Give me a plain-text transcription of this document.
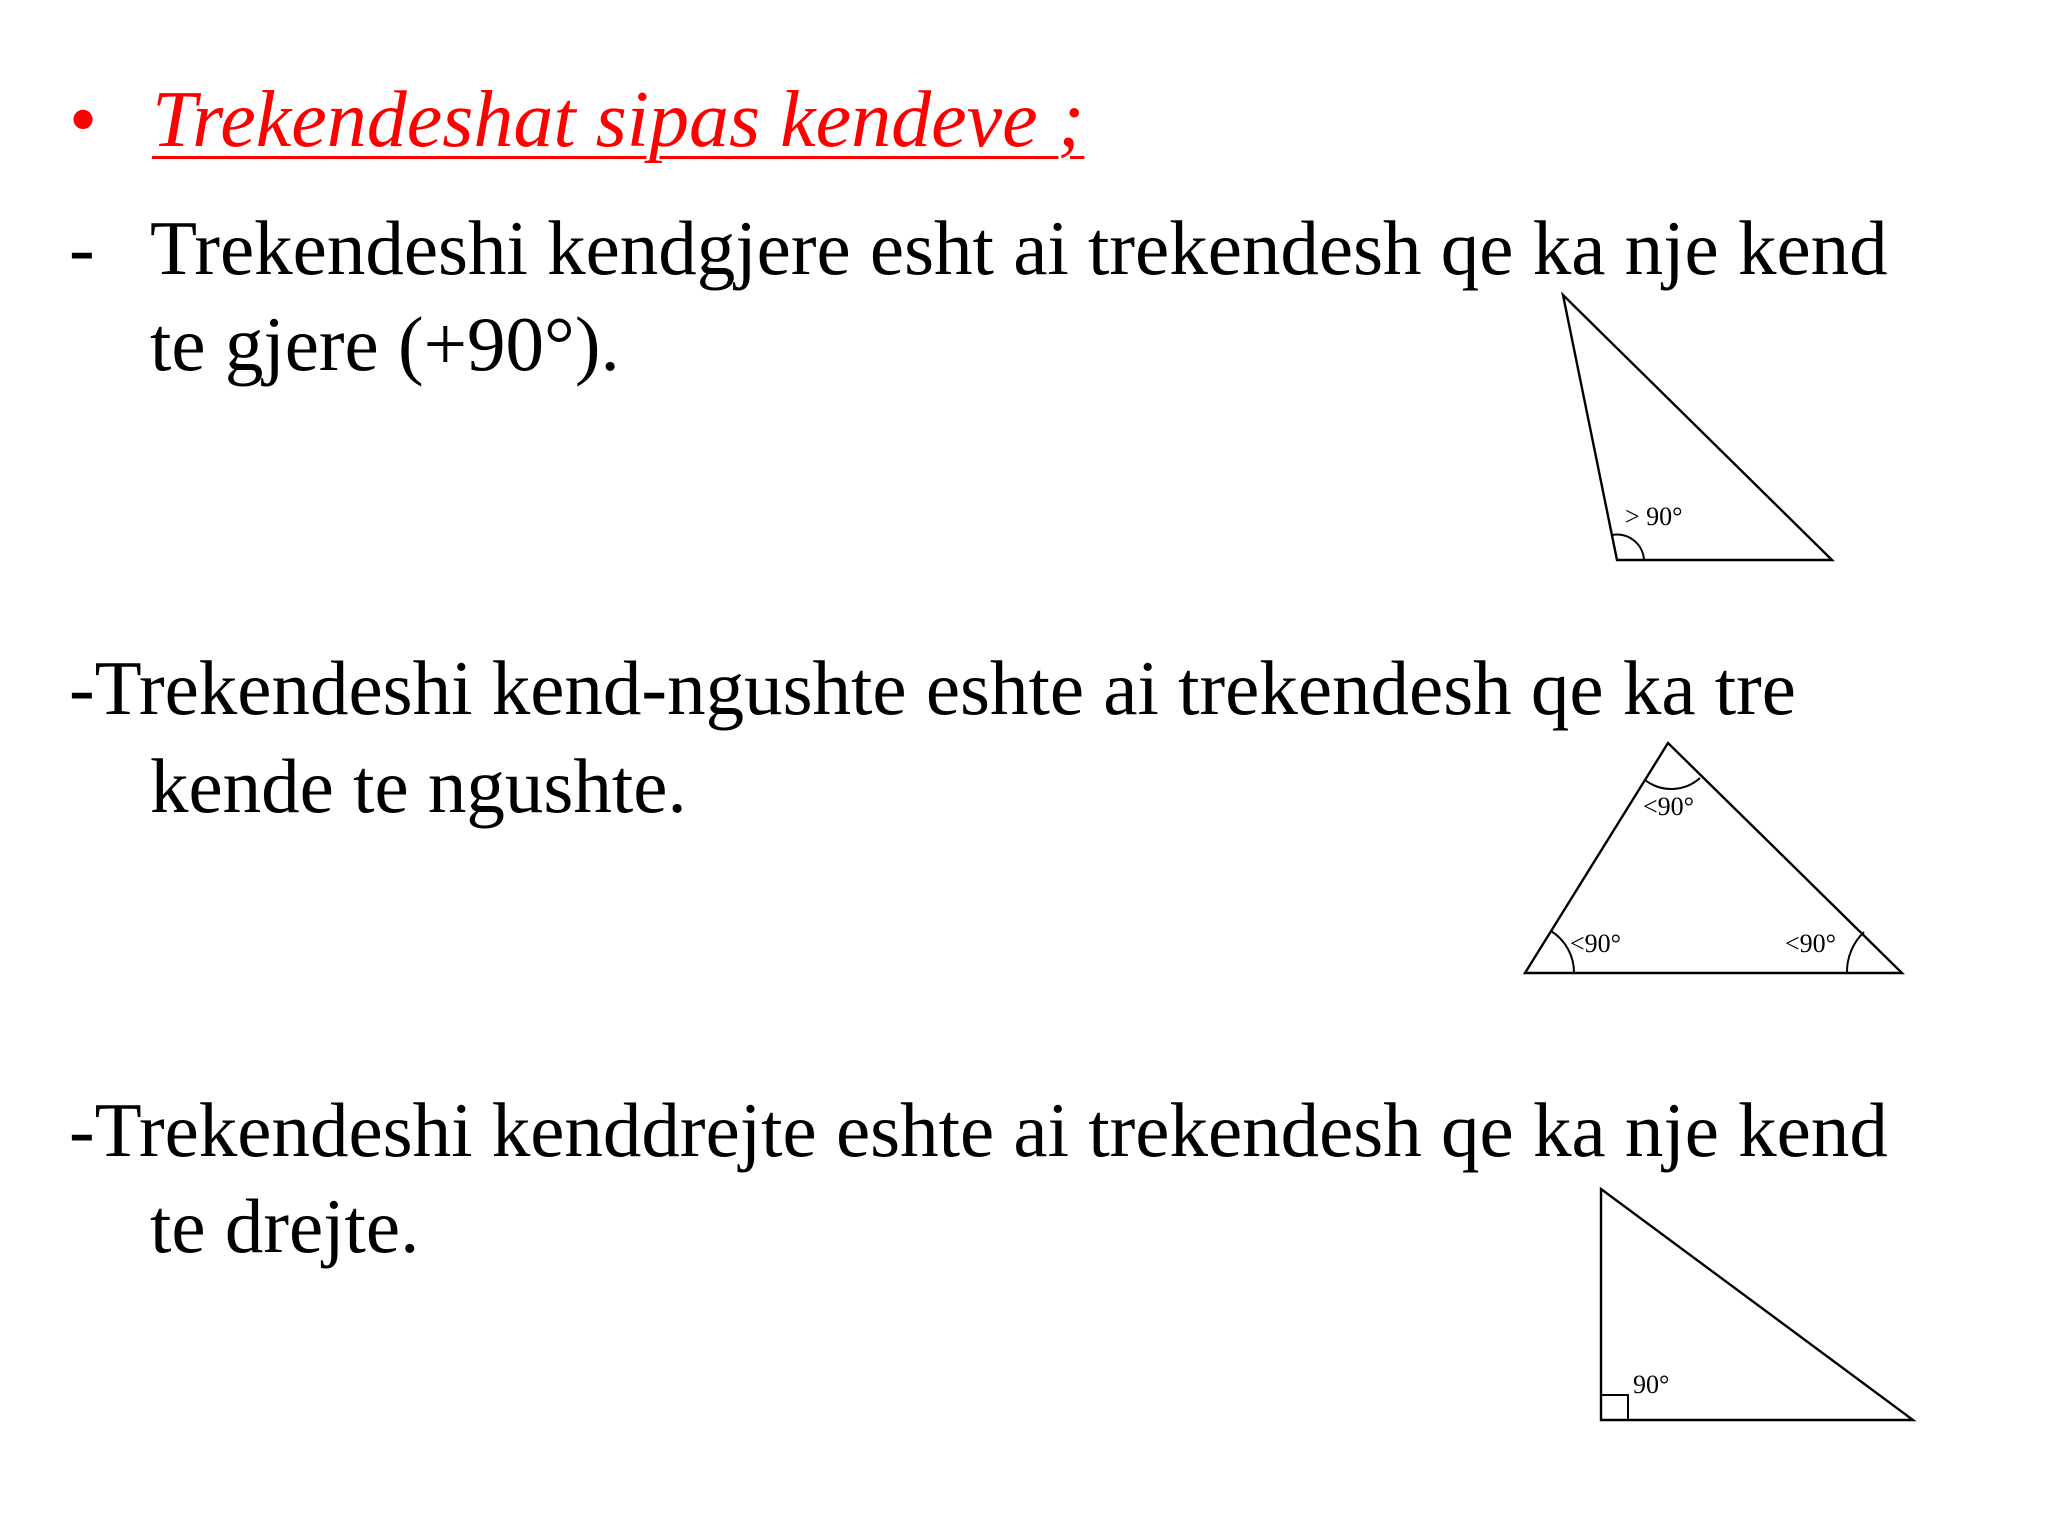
• Trekendeshat sipas kendeve ;
- Trekendeshi kendgjere esht ai trekendesh qe ka nje kend
te gjere (+90°).
-Trekendeshi kend-ngushte eshte ai trekendesh qe ka tre
kende te ngushte.
-Trekendeshi kenddrejte eshte ai trekendesh qe ka nje kend
te drejte.
> 90°
<90°
<90°	<90°
90°
